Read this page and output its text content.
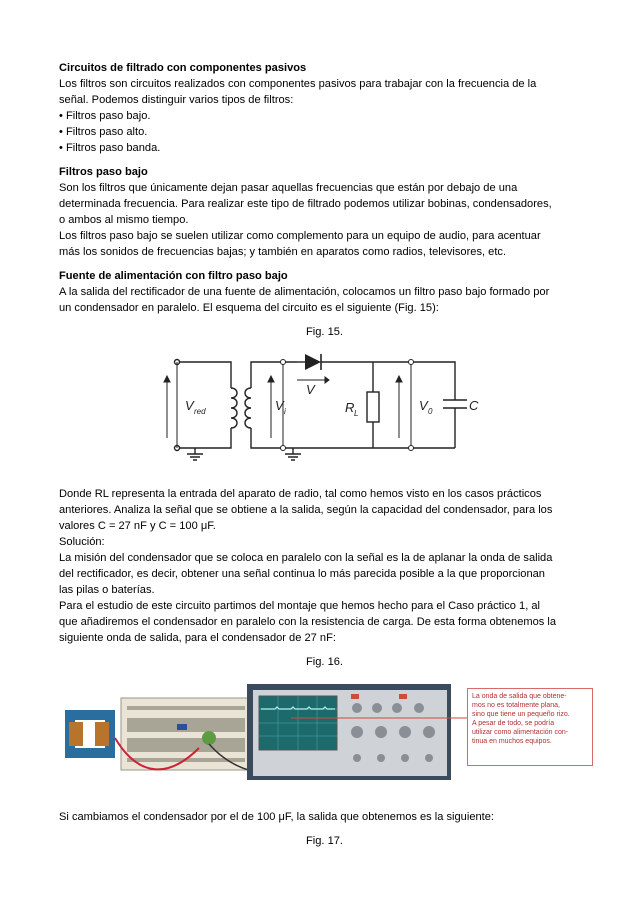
Circuitos de filtrado con componentes pasivos

Los filtros son circuitos realizados con componentes pasivos para trabajar con la frecuencia de la

señal. Podemos distinguir varios tipos de filtros:

• Filtros paso bajo.

• Filtros paso alto.

• Filtros paso banda.

Filtros paso bajo

Son los filtros que únicamente dejan pasar aquellas frecuencias que están por debajo de una

determinada frecuencia. Para realizar este tipo de filtrado podemos utilizar bobinas, condensadores,

o ambos al mismo tiempo.

Los filtros paso bajo se suelen utilizar como complemento para un equipo de audio, para acentuar

más los sonidos de frecuencias bajas; y también en aparatos como radios, televisores, etc.

Fuente de alimentación con filtro paso bajo

A la salida del rectificador de una fuente de alimentación, colocamos un filtro paso bajo formado por

un condensador en paralelo. El esquema del circuito es el siguiente (Fig. 15):

Fig. 15.

V red	V i
V
R L
V 0	C

Donde RL representa la entrada del aparato de radio, tal como hemos visto en los casos prácticos

anteriores. Analiza la señal que se obtiene a la salida, según la capacidad del condensador, para los

valores C = 27 nF y C = 100 μF.

Solución:

La misión del condensador que se coloca en paralelo con la señal es la de aplanar la onda de salida

del rectificador, es decir, obtener una señal continua lo más parecida posible a la que proporcionan

las pilas o baterías.

Para el estudio de este circuito partimos del montaje que hemos hecho para el Caso práctico 1, al

que añadiremos el condensador en paralelo con la resistencia de carga. De esta forma obtenemos la

siguiente onda de salida, para el condensador de 27 nF:

Fig. 16.

La onda de salida que obtene-
mos no es totalmente plana,
sino que tiene un pequeño rizo.
A pesar de todo, se podría
utilizar como alimentación con-
tinua en muchos equipos.

Si cambiamos el condensador por el de 100 μF, la salida que obtenemos es la siguiente:

Fig. 17.
